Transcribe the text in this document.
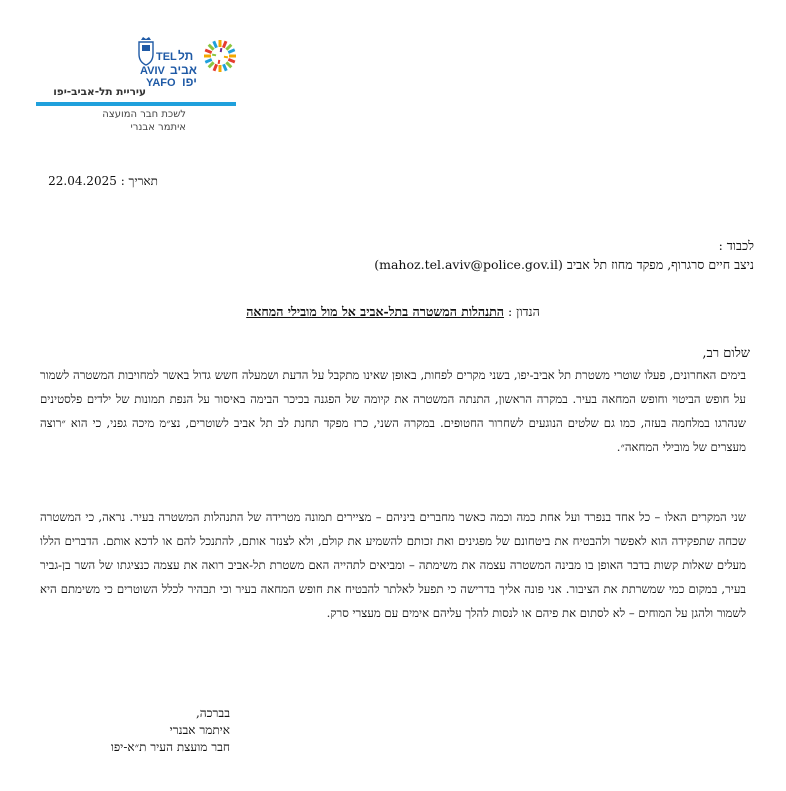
TEL תל
AVIV אביב
YAFO יפו
עיריית תל-אביב-יפו
לשכת חבר המועצה
איתמר אבנרי
תאריך : 22.04.2025
לכבוד :
ניצב חיים סרגרוף, מפקד מחוז תל אביב (mahoz.tel.aviv@police.gov.il)
הנדון : התנהלות המשטרה בתל-אביב אל מול מובילי המחאה
שלום רב,
בימים האחרונים, פעלו שוטרי משטרת תל אביב-יפו, בשני מקרים לפחות, באופן שאינו מתקבל על הדעת ושמעלה חשש גדול באשר למחויבות המשטרה לשמור על חופש הביטוי וחופש המחאה בעיר. במקרה הראשון, התנתה המשטרה את קיומה של הפגנה בכיכר הבימה באיסור על הנפת תמונות של ילדים פלסטינים שנהרגו במלחמה בעזה, כמו גם שלטים הנוגעים לשחרור החטופים. במקרה השני, כרז מפקד תחנת לב תל אביב לשוטרים, נצ״מ מיכה גפני, כי הוא ״רוצה מעצרים של מובילי המחאה״.
שני המקרים האלו – כל אחד בנפרד ועל אחת כמה וכמה כאשר מחברים ביניהם – מציירים תמונה מטרידה של התנהלות המשטרה בעיר. נראה, כי המשטרה שכחה שתפקידה הוא לאפשר ולהבטיח את ביטחונם של מפגינים ואת זכותם להשמיע את קולם, ולא לצנזר אותם, להתנכל להם או לדכא אותם. הדברים הללו מעלים שאלות קשות בדבר האופן בו מבינה המשטרה עצמה את משימתה – ומביאים לתהייה האם משטרת תל-אביב רואה את עצמה כנציגתו של השר בן-גביר בעיר, במקום כמי שמשרתת את הציבור. אני פונה אליך בדרישה כי תפעל לאלתר להבטיח את חופש המחאה בעיר וכי תבהיר לכלל השוטרים כי משימתם היא לשמור ולהגן על המוחים – לא לסתום את פיהם או לנסות להלך עליהם אימים עם מעצרי סרק.
בברכה,
איתמר אבנרי
חבר מועצת העיר ת״א-יפו
